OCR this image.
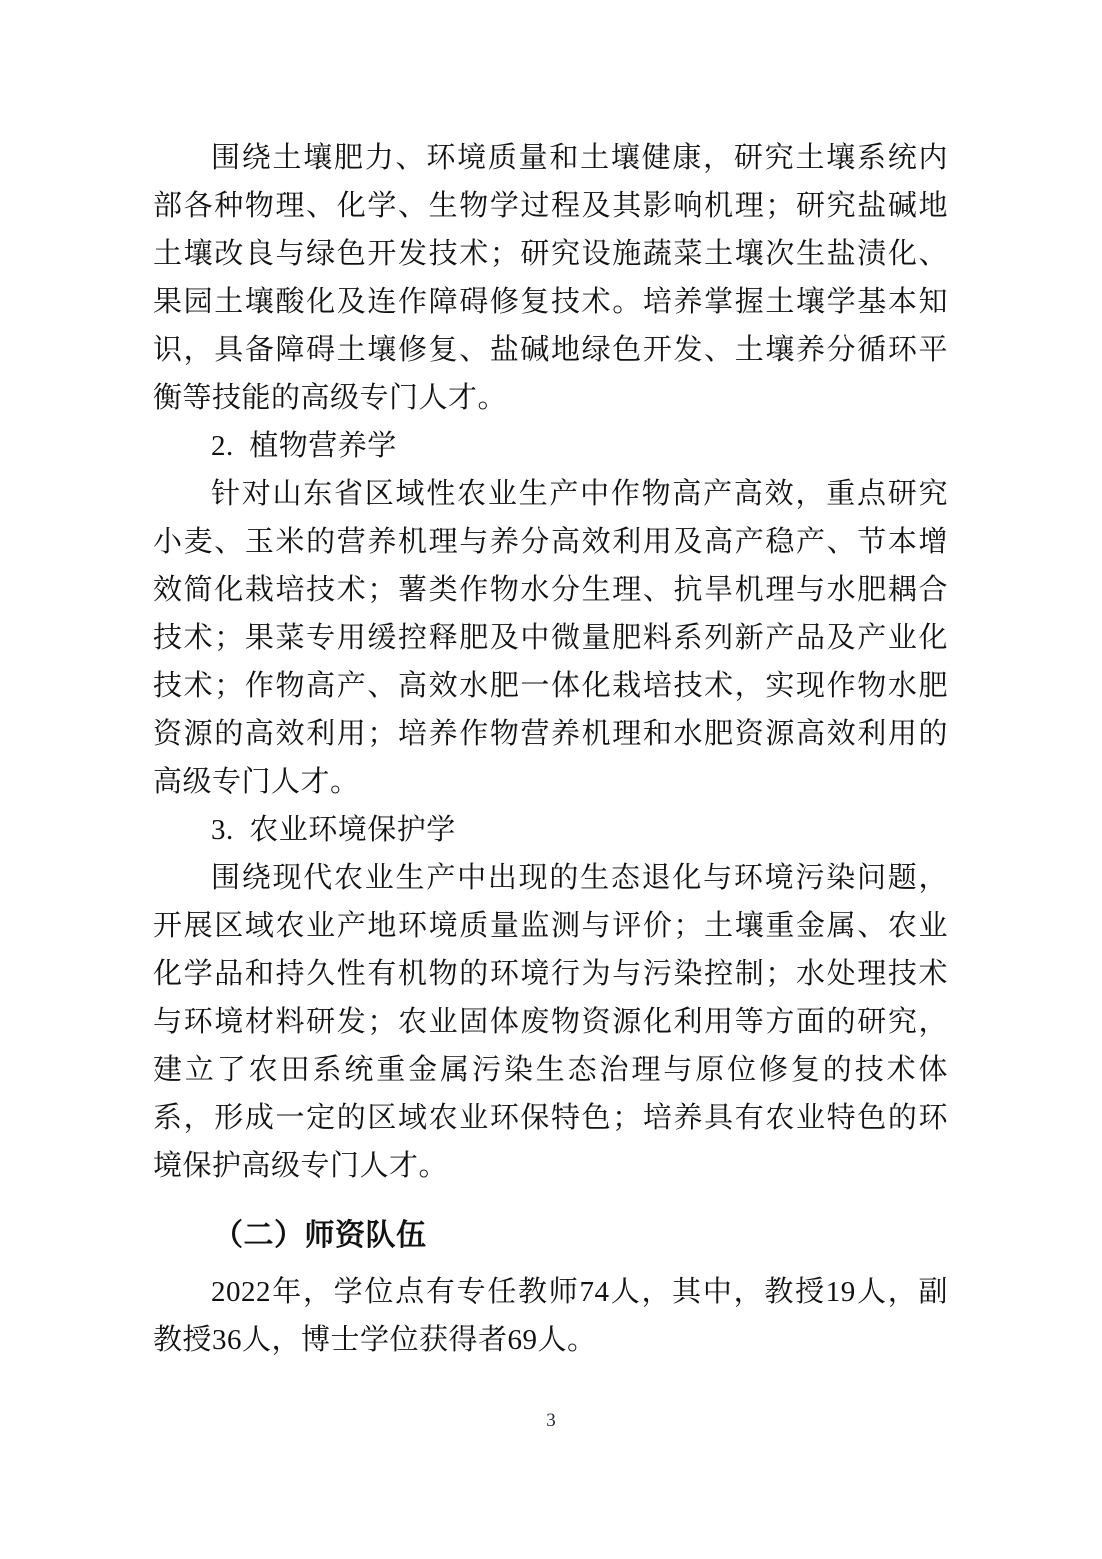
围绕土壤肥力、环境质量和土壤健康，研究土壤系统内部各种物理、化学、生物学过程及其影响机理；研究盐碱地土壤改良与绿色开发技术；研究设施蔬菜土壤次生盐渍化、果园土壤酸化及连作障碍修复技术。培养掌握土壤学基本知识，具备障碍土壤修复、盐碱地绿色开发、土壤养分循环平衡等技能的高级专门人才。

2.  植物营养学

针对山东省区域性农业生产中作物高产高效，重点研究小麦、玉米的营养机理与养分高效利用及高产稳产、节本增效简化栽培技术；薯类作物水分生理、抗旱机理与水肥耦合技术；果菜专用缓控释肥及中微量肥料系列新产品及产业化技术；作物高产、高效水肥一体化栽培技术，实现作物水肥资源的高效利用；培养作物营养机理和水肥资源高效利用的高级专门人才。

3.  农业环境保护学

围绕现代农业生产中出现的生态退化与环境污染问题，开展区域农业产地环境质量监测与评价；土壤重金属、农业化学品和持久性有机物的环境行为与污染控制；水处理技术与环境材料研发；农业固体废物资源化利用等方面的研究，建立了农田系统重金属污染生态治理与原位修复的技术体系，形成一定的区域农业环保特色；培养具有农业特色的环境保护高级专门人才。

（二）师资队伍

2022年，学位点有专任教师74人，其中，教授19人，副教授36人，博士学位获得者69人。

3
